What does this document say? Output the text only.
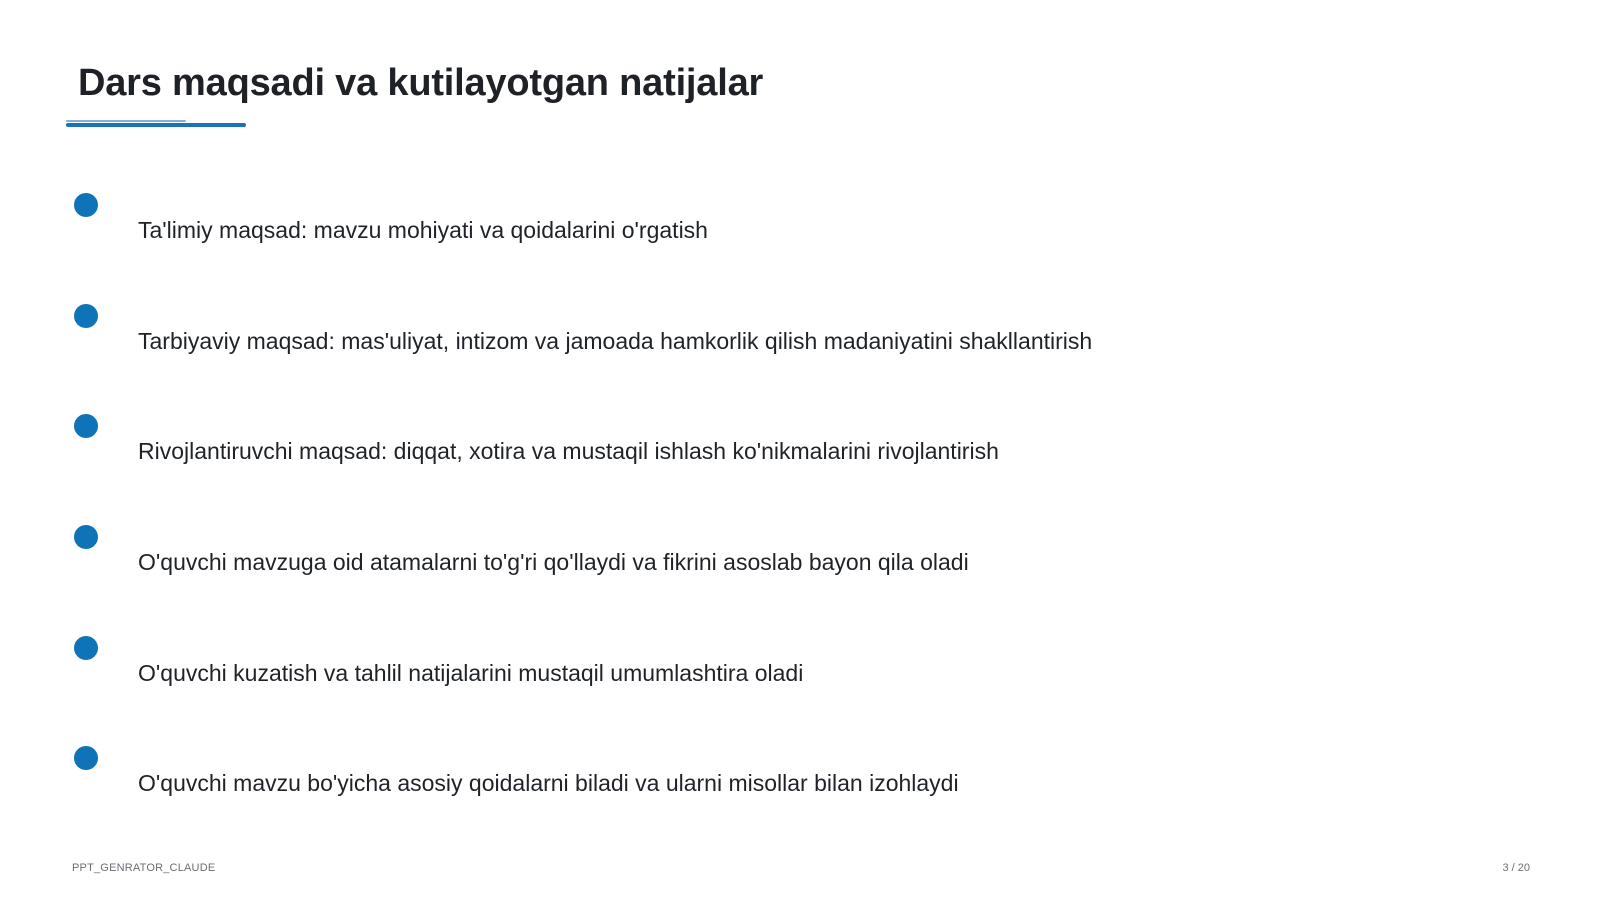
Dars maqsadi va kutilayotgan natijalar
Ta'limiy maqsad: mavzu mohiyati va qoidalarini o'rgatish
Tarbiyaviy maqsad: mas'uliyat, intizom va jamoada hamkorlik qilish madaniyatini shakllantirish
Rivojlantiruvchi maqsad: diqqat, xotira va mustaqil ishlash ko'nikmalarini rivojlantirish
O'quvchi mavzuga oid atamalarni to'g'ri qo'llaydi va fikrini asoslab bayon qila oladi
O'quvchi kuzatish va tahlil natijalarini mustaqil umumlashtira oladi
O'quvchi mavzu bo'yicha asosiy qoidalarni biladi va ularni misollar bilan izohlaydi
PPT_GENRATOR_CLAUDE	3 / 20
